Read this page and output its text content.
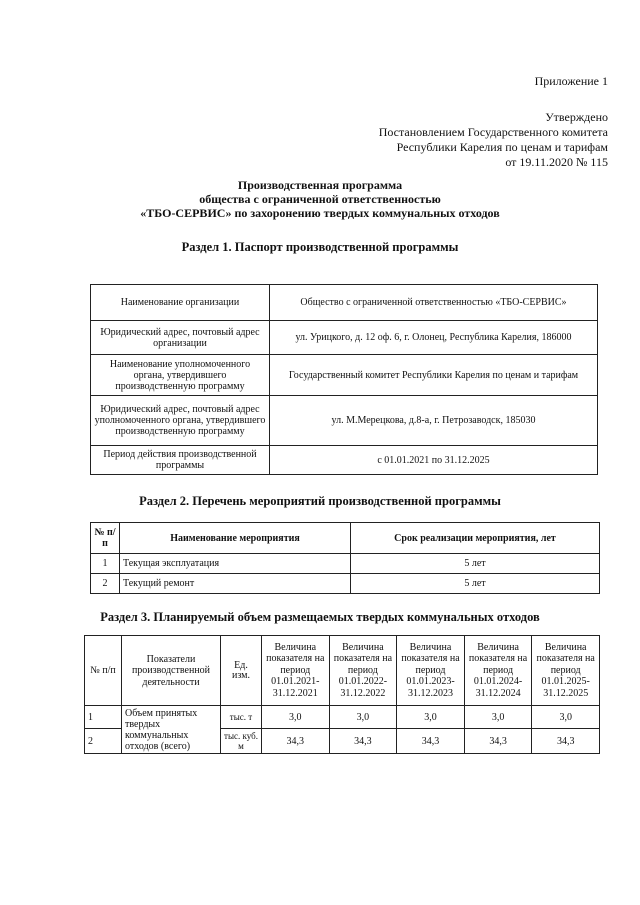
Приложение 1
Утверждено
Постановлением Государственного комитета
Республики Карелия по ценам и тарифам
от 19.11.2020 № 115
Производственная программа
общества с ограниченной ответственностью
«ТБО-СЕРВИС» по захоронению твердых коммунальных отходов
Раздел 1. Паспорт производственной программы
Наименование организации	Общество с ограниченной ответственностью «ТБО-СЕРВИС»
Юридический адрес, почтовый адрес организации	ул. Урицкого, д. 12 оф. 6, г. Олонец, Республика Карелия, 186000
Наименование уполномоченного органа, утвердившего производственную программу	Государственный комитет Республики Карелия по ценам и тарифам
Юридический адрес, почтовый адрес уполномоченного органа, утвердившего производственную программу	ул. М.Мерецкова, д.8-а, г. Петрозаводск, 185030
Период действия производственной программы	с 01.01.2021 по 31.12.2025
Раздел 2. Перечень мероприятий производственной программы
№ п/п	Наименование мероприятия	Срок реализации мероприятия, лет
1	Текущая эксплуатация	5 лет
2	Текущий ремонт	5 лет
Раздел 3. Планируемый объем размещаемых твердых коммунальных отходов
№ п/п	Показатели производственной деятельности	Ед. изм.	Величина показателя на период 01.01.2021-31.12.2021	Величина показателя на период 01.01.2022-31.12.2022	Величина показателя на период 01.01.2023-31.12.2023	Величина показателя на период 01.01.2024-31.12.2024	Величина показателя на период 01.01.2025-31.12.2025
1	Объем принятых твердых коммунальных отходов (всего)	тыс. т	3,0	3,0	3,0	3,0	3,0
2		тыс. куб. м	34,3	34,3	34,3	34,3	34,3
